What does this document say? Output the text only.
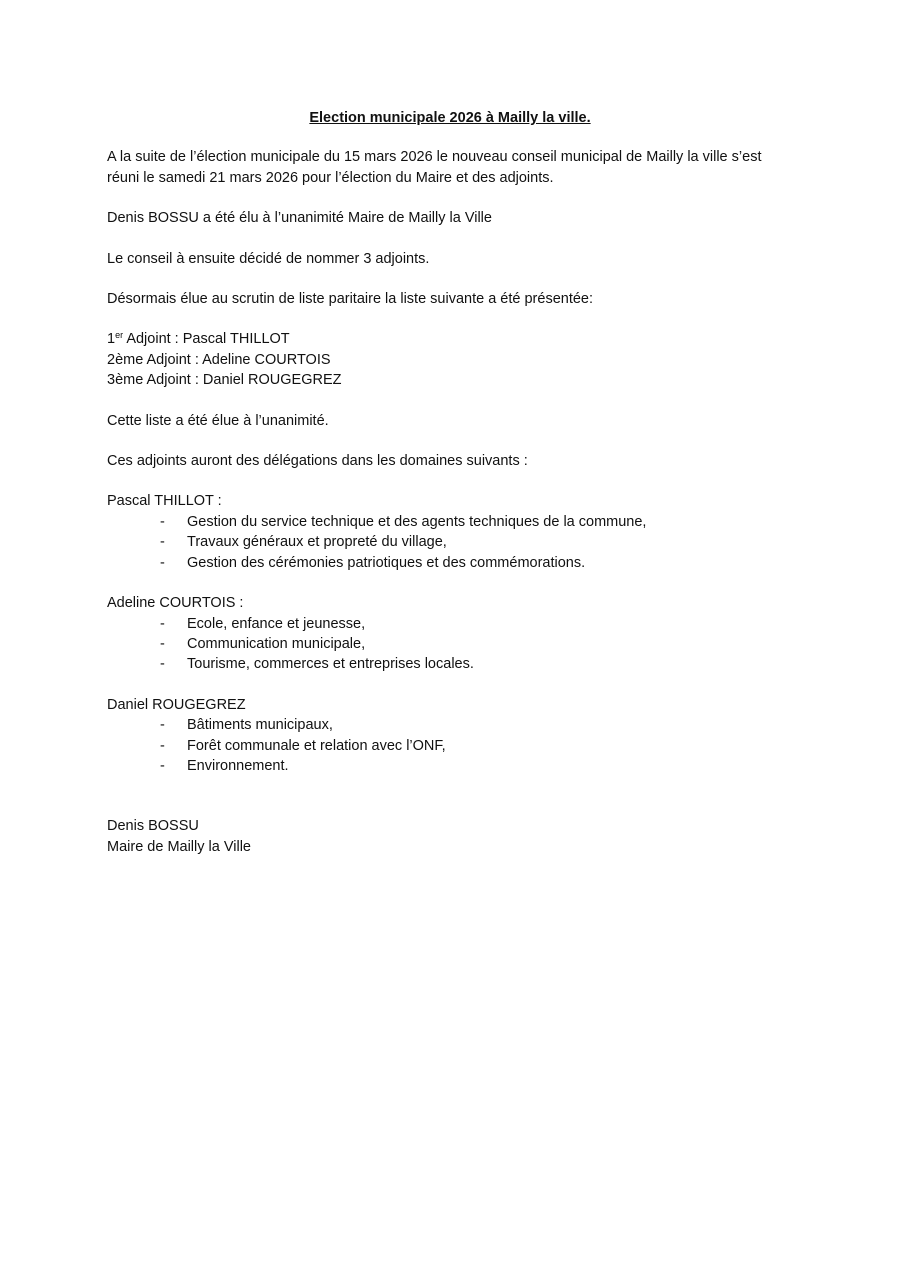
Election municipale 2026 à Mailly la ville.

A la suite de l’élection municipale du 15 mars 2026 le nouveau conseil municipal de Mailly la ville s’est
réuni le samedi 21 mars 2026 pour l’élection du Maire et des adjoints.

Denis BOSSU a été élu à l’unanimité Maire de Mailly la Ville

Le conseil à ensuite décidé de nommer 3 adjoints.

Désormais élue au scrutin de liste paritaire la liste suivante a été présentée:

1er Adjoint : Pascal THILLOT
2ème Adjoint : Adeline COURTOIS
3ème Adjoint : Daniel ROUGEGREZ

Cette liste a été élue à l’unanimité.

Ces adjoints auront des délégations dans les domaines suivants :

Pascal THILLOT :
- Gestion du service technique et des agents techniques de la commune,
- Travaux généraux et propreté du village,
- Gestion des cérémonies patriotiques et des commémorations.
Adeline COURTOIS :
- Ecole, enfance et jeunesse,
- Communication municipale,
- Tourisme, commerces et entreprises locales.
Daniel ROUGEGREZ
- Bâtiments municipaux,
- Forêt communale et relation avec l’ONF,
- Environnement.
Denis BOSSU
Maire de Mailly la Ville
